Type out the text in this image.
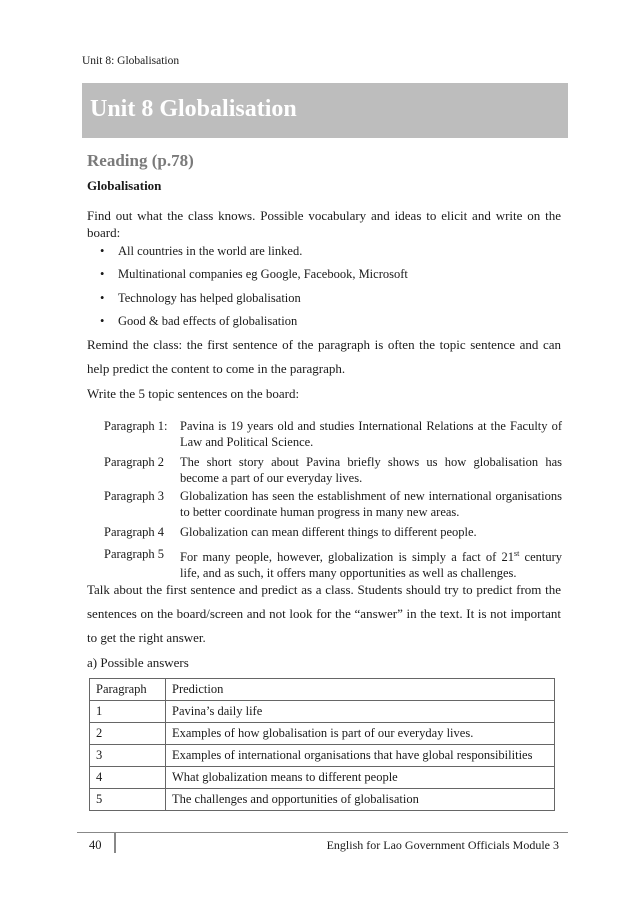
Unit 8: Globalisation
Unit 8 Globalisation
Reading (p.78)
Globalisation
Find out what the class knows. Possible vocabulary and ideas to elicit and write on the board:
• All countries in the world are linked.
• Multinational companies eg Google, Facebook, Microsoft
• Technology has helped globalisation
• Good & bad effects of globalisation
Remind the class: the first sentence of the paragraph is often the topic sentence and can help predict the content to come in the paragraph.
Write the 5 topic sentences on the board:
Paragraph 1: Pavina is 19 years old and studies International Relations at the Faculty of Law and Political Science.
Paragraph 2	The short story about Pavina briefly shows us how globalisation has become a part of our everyday lives.
Paragraph 3	Globalization has seen the establishment of new international organisations to better coordinate human progress in many new areas.
Paragraph 4	Globalization can mean different things to different people.
Paragraph 5	For many people, however, globalization is simply a fact of 21st century life, and as such, it offers many opportunities as well as challenges.
Talk about the first sentence and predict as a class. Students should try to predict from the sentences on the board/screen and not look for the “answer” in the text. It is not important to get the right answer.
a) Possible answers
Paragraph	Prediction
1	Pavina’s daily life
2	Examples of how globalisation is part of our everyday lives.
3	Examples of international organisations that have global responsibilities
4	What globalization means to different people
5	The challenges and opportunities of globalisation
40	English for Lao Government Officials Module 3
